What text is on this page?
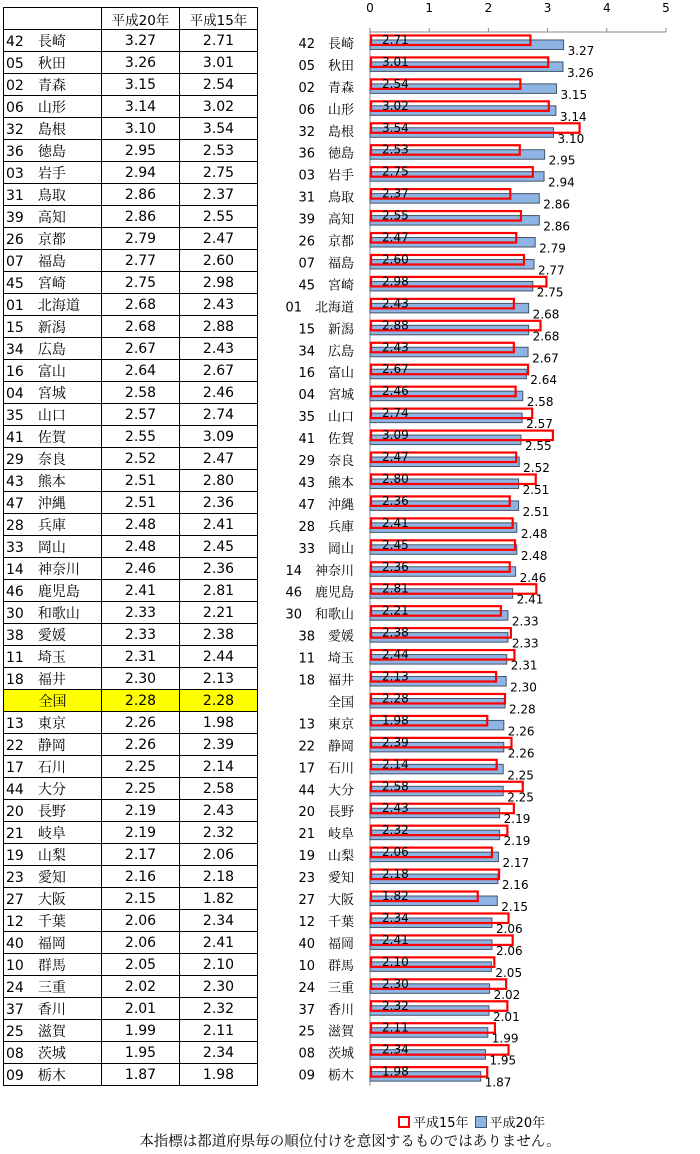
	平成20年	平成15年
42　長崎	3.27	2.71
05　秋田	3.26	3.01
02　青森	3.15	2.54
06　山形	3.14	3.02
32　島根	3.10	3.54
36　徳島	2.95	2.53
03　岩手	2.94	2.75
31　鳥取	2.86	2.37
39　高知	2.86	2.55
26　京都	2.79	2.47
07　福島	2.77	2.60
45　宮崎	2.75	2.98
01　北海道	2.68	2.43
15　新潟	2.68	2.88
34　広島	2.67	2.43
16　富山	2.64	2.67
04　宮城	2.58	2.46
35　山口	2.57	2.74
41　佐賀	2.55	3.09
29　奈良	2.52	2.47
43　熊本	2.51	2.80
47　沖縄	2.51	2.36
28　兵庫	2.48	2.41
33　岡山	2.48	2.45
14　神奈川	2.46	2.36
46　鹿児島	2.41	2.81
30　和歌山	2.33	2.21
38　愛媛	2.33	2.38
11　埼玉	2.31	2.44
18　福井	2.30	2.13
全国	2.28	2.28
13　東京	2.26	1.98
22　静岡	2.26	2.39
17　石川	2.25	2.14
44　大分	2.25	2.58
20　長野	2.19	2.43
21　岐阜	2.19	2.32
19　山梨	2.17	2.06
23　愛知	2.16	2.18
27　大阪	2.15	1.82
12　千葉	2.06	2.34
40　福岡	2.06	2.41
10　群馬	2.05	2.10
24　三重	2.02	2.30
37　香川	2.01	2.32
25　滋賀	1.99	2.11
08　茨城	1.95	2.34
09　栃木	1.87	1.98
0	1	2	3	4	5
42　長崎 2.71
3.27
05　秋田 3.01
3.26
02　青森 2.54
3.15
06　山形 3.02
3.14
32　島根 3.54
3.10
36　徳島 2.53
2.95
03　岩手 2.75
2.94
31　鳥取 2.37
2.86
39　高知 2.55
2.86
26　京都 2.47
2.79
07　福島 2.60
2.77
45　宮崎 2.98
2.75
01　北海道 2.43
2.68
15　新潟 2.88
2.68
34　広島 2.43
2.67
16　富山 2.67
2.64
04　宮城 2.46
2.58
35　山口 2.74
2.57
41　佐賀 3.09
2.55
29　奈良 2.47
2.52
43　熊本 2.80
2.51
47　沖縄 2.36
2.51
28　兵庫 2.41
2.48
33　岡山 2.45
2.48
14　神奈川 2.36
2.46
46　鹿児島 2.81
2.41
30　和歌山 2.21
2.33
38　愛媛 2.38
2.33
11　埼玉 2.44
2.31
18　福井 2.13
2.30
全国 2.28
2.28
13　東京 1.98
2.26
22　静岡 2.39
2.26
17　石川 2.14
2.25
44　大分 2.58
2.25
20　長野 2.43
2.19
21　岐阜 2.32
2.19
19　山梨 2.06
2.17
23　愛知 2.18
2.16
27　大阪 1.82
2.15
12　千葉 2.34
2.06
40　福岡 2.41
2.06
10　群馬 2.10
2.05
24　三重 2.30
2.02
37　香川 2.32
2.01
25　滋賀 2.11
1.99
08　茨城 2.34
1.95
09　栃木 1.98
1.87
平成15年 平成20年
本指標は都道府県毎の順位付けを意図するものではありません。
